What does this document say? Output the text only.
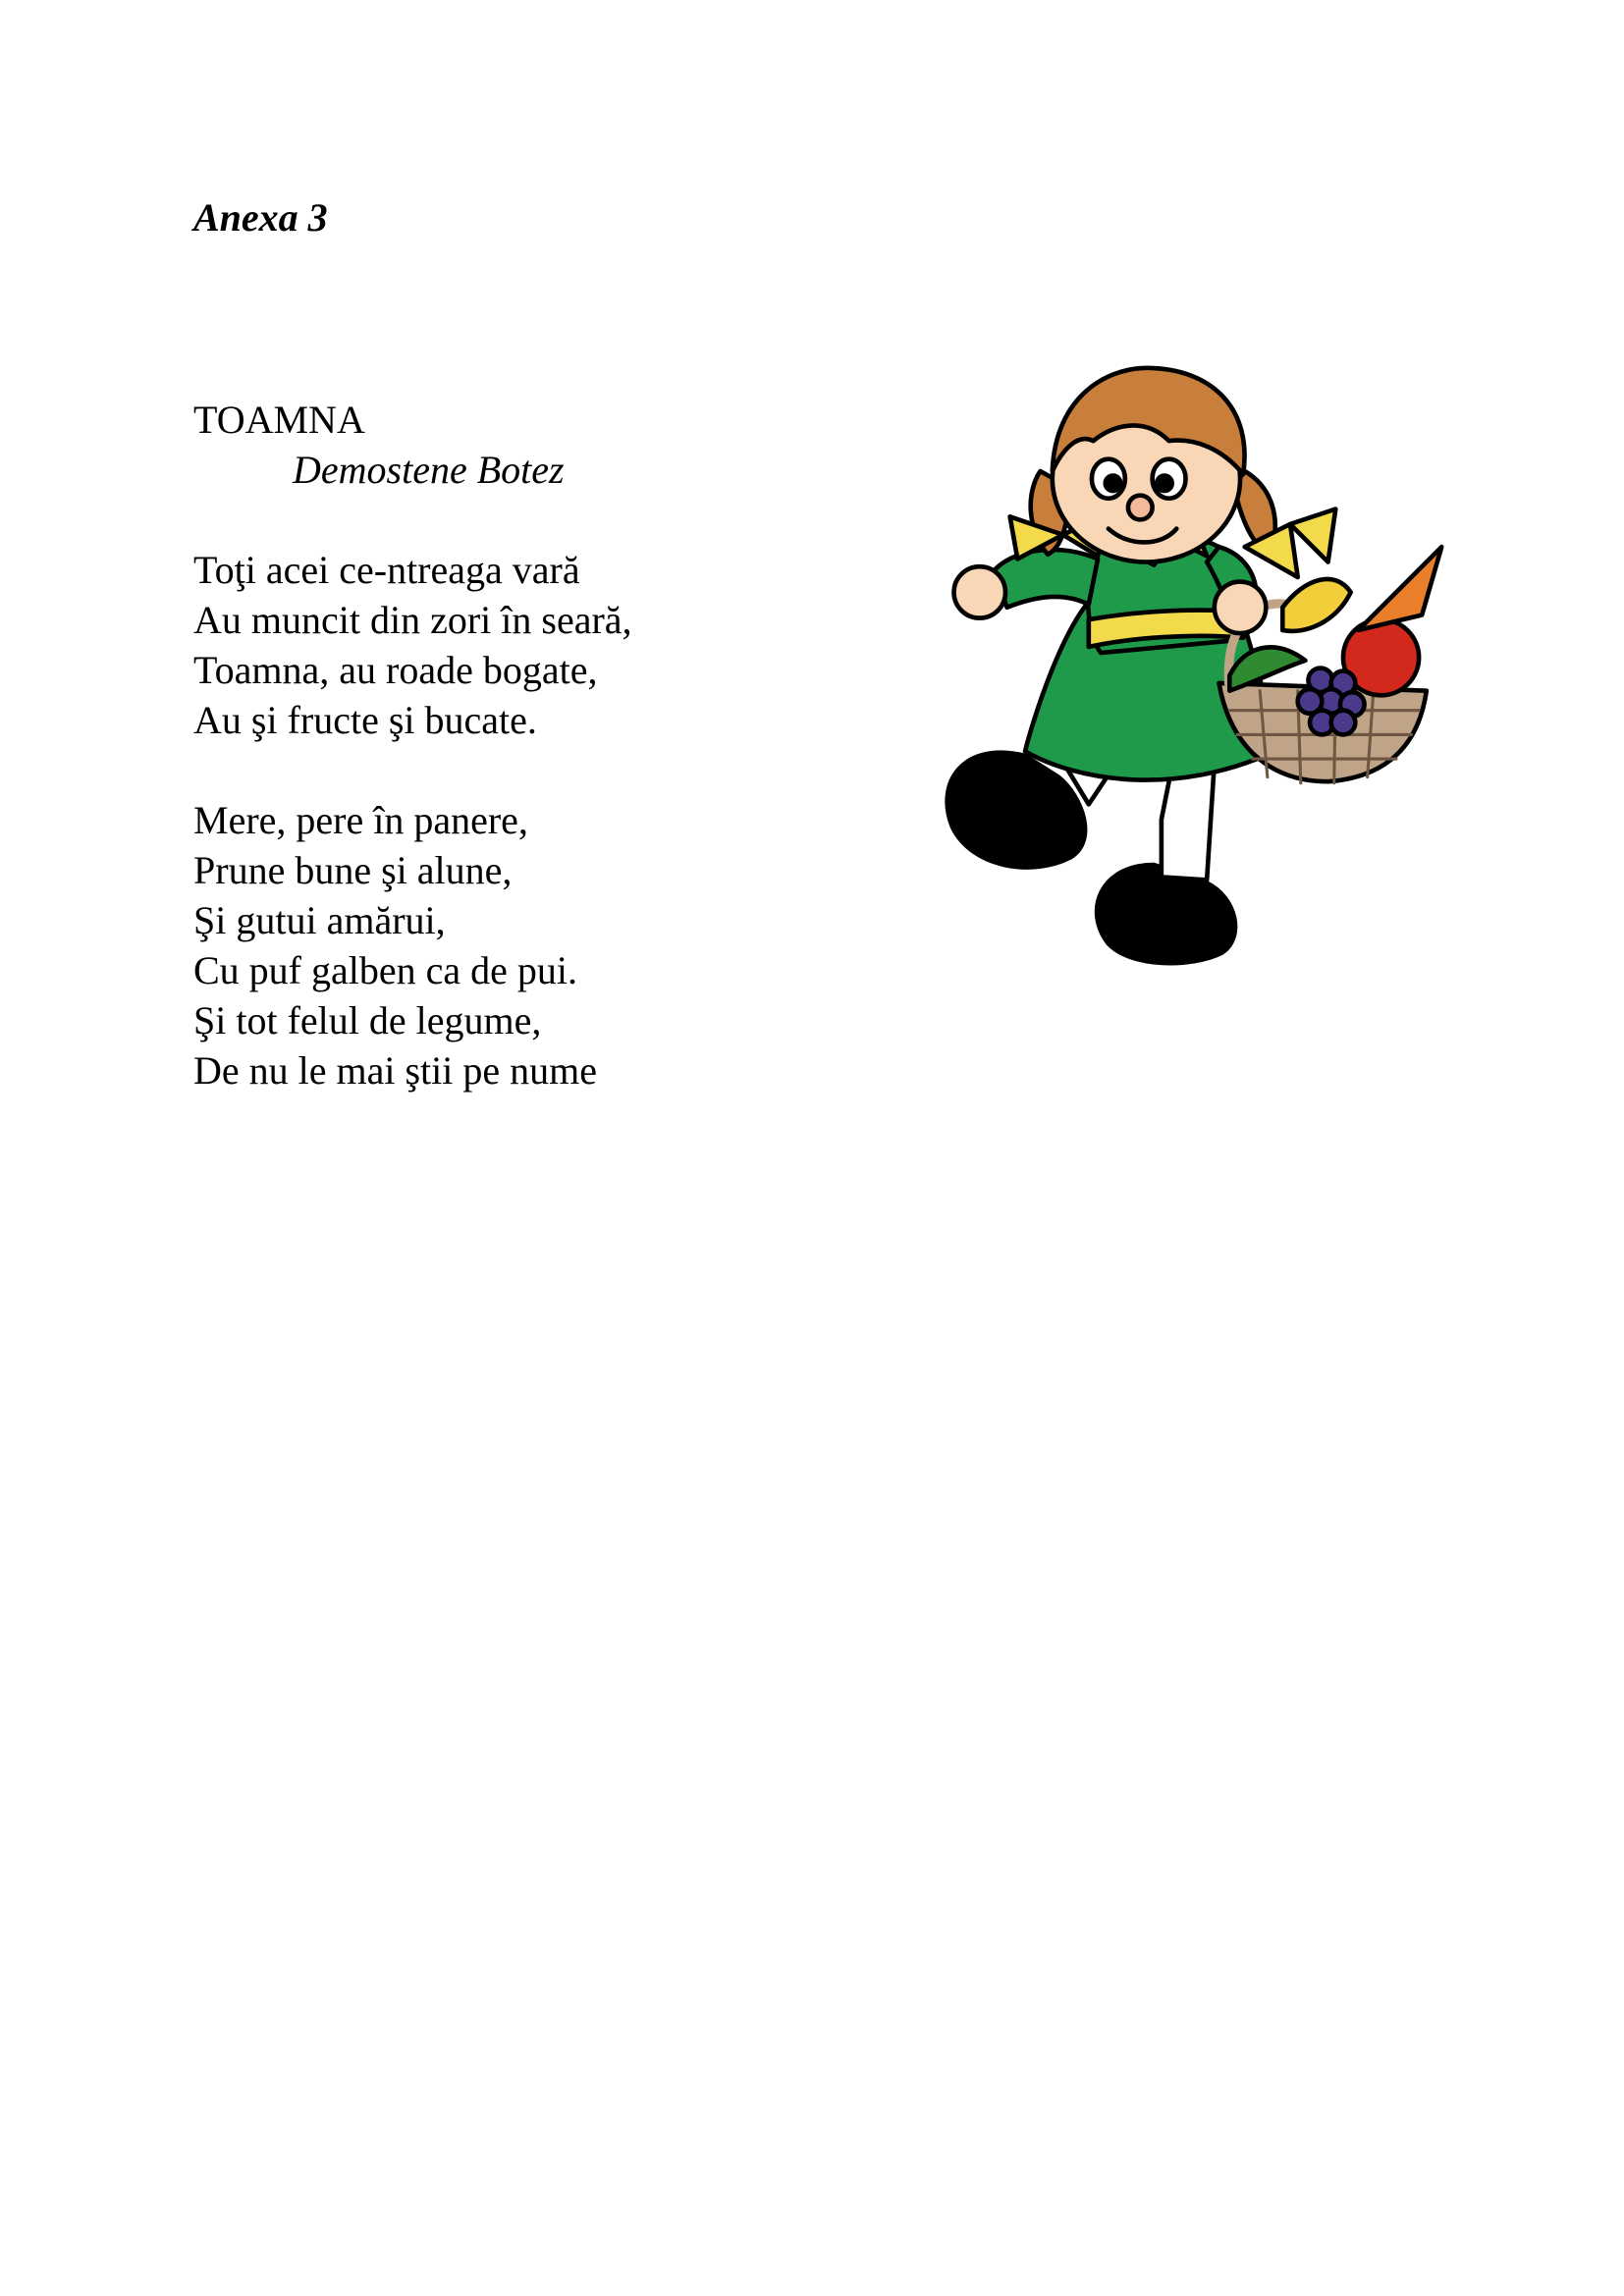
Anexa 3
TOAMNA
Demostene Botez
Toţi acei ce-ntreaga vară
Au muncit din zori în seară,
Toamna, au roade bogate,
Au şi fructe şi bucate.
Mere, pere în panere,
Prune bune şi alune,
Şi gutui amărui,
Cu puf galben ca de pui.
Şi tot felul de legume,
De nu le mai ştii pe nume
